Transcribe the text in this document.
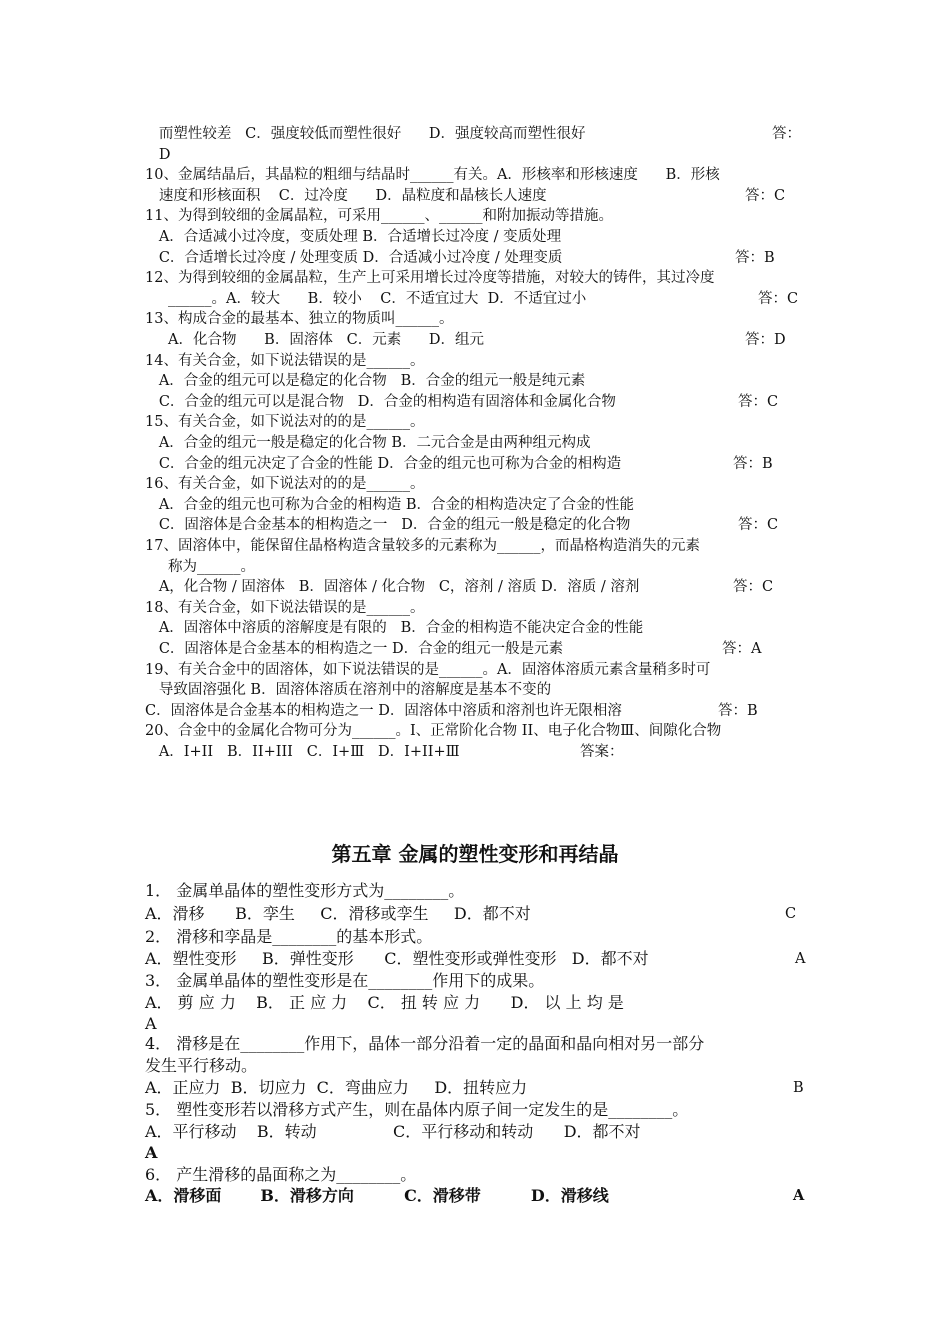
而塑性较差   C．强度较低而塑性很好      D．强度较高而塑性很好	答：
D
10、金属结晶后，其晶粒的粗细与结晶时______有关。A．形核率和形核速度      B．形核
速度和形核面积    C．过冷度      D．晶粒度和晶核长人速度	答：C
11、为得到较细的金属晶粒，可采用______、______和附加振动等措施。
A．合适减小过冷度，变质处理 B．合适增长过冷度 / 变质处理
C．合适增长过冷度 / 处理变质 D．合适减小过冷度 / 处理变质	答：B
12、为得到较细的金属晶粒，生产上可采用增长过冷度等措施，对较大的铸件，其过冷度
______。A．较大      B．较小    C．不适宜过大  D．不适宜过小	答：C
13、构成合金的最基本、独立的物质叫______。
A．化合物      B．固溶体   C．元素      D．组元	答：D
14、有关合金，如下说法错误的是______。
A．合金的组元可以是稳定的化合物   B．合金的组元一般是纯元素
C．合金的组元可以是混合物   D．合金的相构造有固溶体和金属化合物	答：C
15、有关合金，如下说法对的的是______。
A．合金的组元一般是稳定的化合物 B．二元合金是由两种组元构成
C．合金的组元决定了合金的性能 D．合金的组元也可称为合金的相构造	答：B
16、有关合金，如下说法对的的是______。
A．合金的组元也可称为合金的相构造 B．合金的相构造决定了合金的性能
C．固溶体是合金基本的相构造之一   D．合金的组元一般是稳定的化合物	答：C
17、固溶体中，能保留住晶格构造含量较多的元素称为______，而晶格构造消失的元素
称为______。
A，化合物 / 固溶体   B．固溶体 / 化合物   C，溶剂 / 溶质 D．溶质 / 溶剂	答：C
18、有关合金，如下说法错误的是______。
A．固溶体中溶质的溶解度是有限的   B．合金的相构造不能决定合金的性能
C．固溶体是合金基本的相构造之一 D．合金的组元一般是元素	答：A
19、有关合金中的固溶体，如下说法错误的是______。A．固溶体溶质元素含量稍多时可
导致固溶强化 B．固溶体溶质在溶剂中的溶解度是基本不变的
C．固溶体是合金基本的相构造之一 D．固溶体中溶质和溶剂也许无限相溶	答：B
20、合金中的金属化合物可分为______。I、正常阶化合物 II、电子化合物Ⅲ、间隙化合物
A．I+II   B．II+III   C．I+Ⅲ   D．I+II+Ⅲ	答案：
第五章 金属的塑性变形和再结晶
1． 金属单晶体的塑性变形方式为________。
A．滑移      B．孪生     C．滑移或孪生     D．都不对	C
2． 滑移和孪晶是________的基本形式。
A．塑性变形     B．弹性变形      C．塑性变形或弹性变形   D．都不对	A
3． 金属单晶体的塑性变形是在________作用下的成果。
A． 剪 应 力    B． 正 应 力    C． 扭 转 应 力      D． 以 上 均 是
A
4． 滑移是在________作用下，晶体一部分沿着一定的晶面和晶向相对另一部分
发生平行移动。
A．正应力  B．切应力  C．弯曲应力     D．扭转应力	B
5． 塑性变形若以滑移方式产生，则在晶体内原子间一定发生的是________。
A．平行移动    B．转动               C．平行移动和转动      D．都不对
A
6． 产生滑移的晶面称之为________。
A．滑移面       B．滑移方向         C．滑移带         D．滑移线	A
